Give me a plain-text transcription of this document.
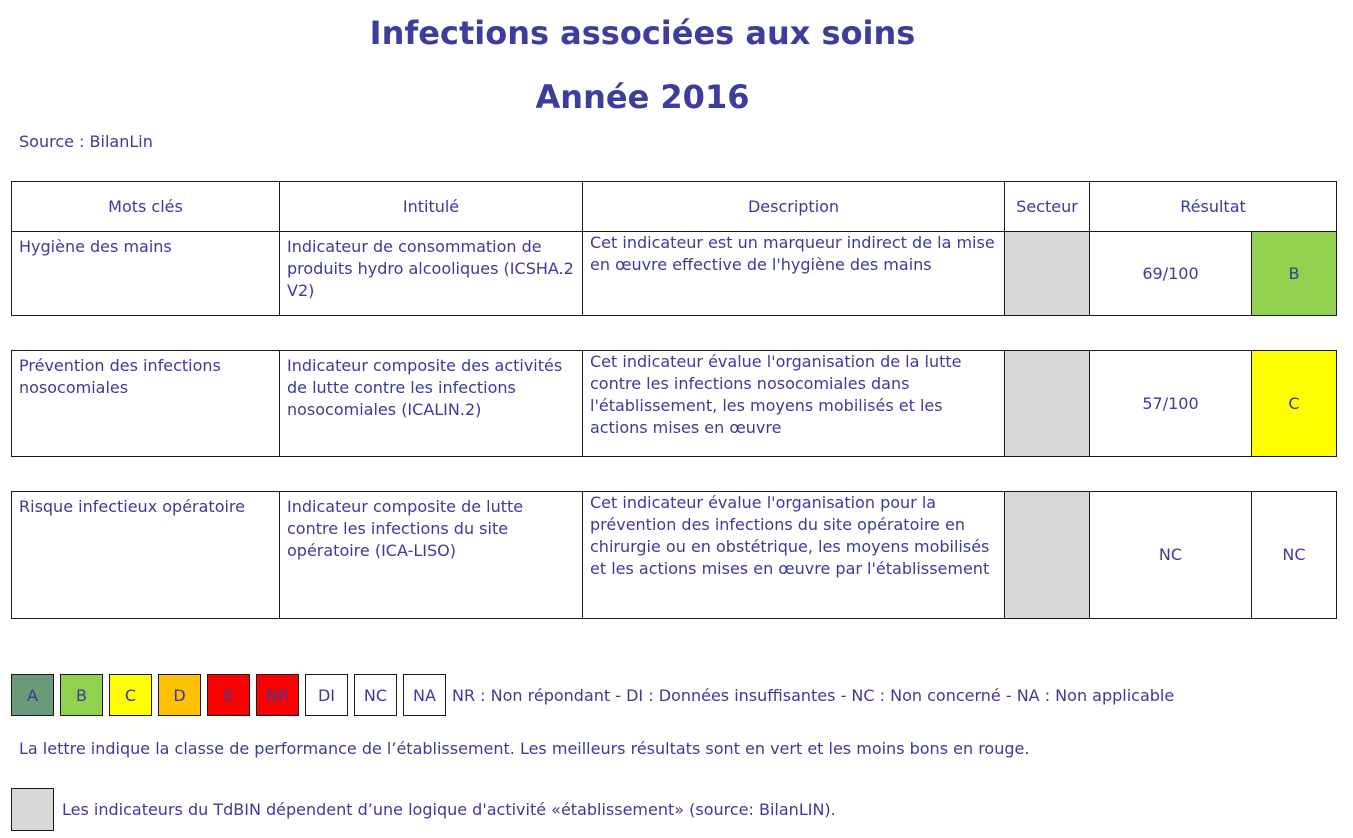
Infections associées aux soins
Année 2016
Source : BilanLin
Mots clés	Intitulé	Description	Secteur	Résultat
Hygiène des mains	Indicateur de consommation de produits hydro alcooliques (ICSHA.2 V2)	Cet indicateur est un marqueur indirect de la mise en œuvre effective de l'hygiène des mains		69/100	B
Prévention des infections nosocomiales	Indicateur composite des activités de lutte contre les infections nosocomiales (ICALIN.2)	Cet indicateur évalue l'organisation de la lutte contre les infections nosocomiales dans l'établissement, les moyens mobilisés et les actions mises en œuvre		57/100	C
Risque infectieux opératoire	Indicateur composite de lutte contre les infections du site opératoire (ICA-LISO)	Cet indicateur évalue l'organisation pour la prévention des infections du site opératoire en chirurgie ou en obstétrique, les moyens mobilisés et les actions mises en œuvre par l'établissement		NC	NC
A	B	C	D	E	NR	DI	NC	NA	NR : Non répondant - DI : Données insuffisantes - NC : Non concerné - NA : Non applicable
La lettre indique la classe de performance de l’établissement. Les meilleurs résultats sont en vert et les moins bons en rouge.
Les indicateurs du TdBIN dépendent d’une logique d'activité «établissement» (source: BilanLIN).
